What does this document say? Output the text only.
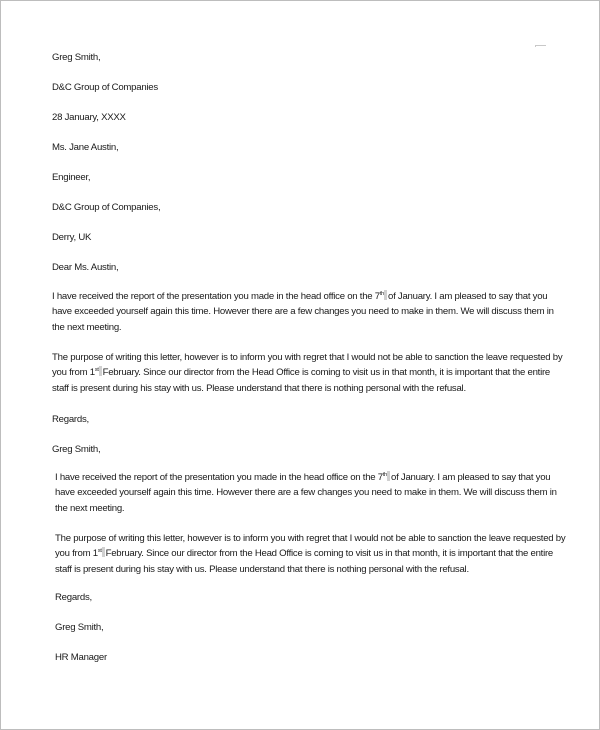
Greg Smith,
D&C Group of Companies
28 January, XXXX
Ms. Jane Austin,
Engineer,
D&C Group of Companies,
Derry, UK
Dear Ms. Austin,
I have received the report of the presentation you made in the head office on the 7th of January. I am pleased to say that you
have exceeded yourself again this time. However there are a few changes you need to make in them. We will discuss them in
the next meeting.
The purpose of writing this letter, however is to inform you with regret that I would not be able to sanction the leave requested by
you from 1st February. Since our director from the Head Office is coming to visit us in that month, it is important that the entire
staff is present during his stay with us. Please understand that there is nothing personal with the refusal.
Regards,
Greg Smith,
I have received the report of the presentation you made in the head office on the 7th of January. I am pleased to say that you
have exceeded yourself again this time. However there are a few changes you need to make in them. We will discuss them in
the next meeting.
The purpose of writing this letter, however is to inform you with regret that I would not be able to sanction the leave requested by
you from 1st February. Since our director from the Head Office is coming to visit us in that month, it is important that the entire
staff is present during his stay with us. Please understand that there is nothing personal with the refusal.
Regards,
Greg Smith,
HR Manager
